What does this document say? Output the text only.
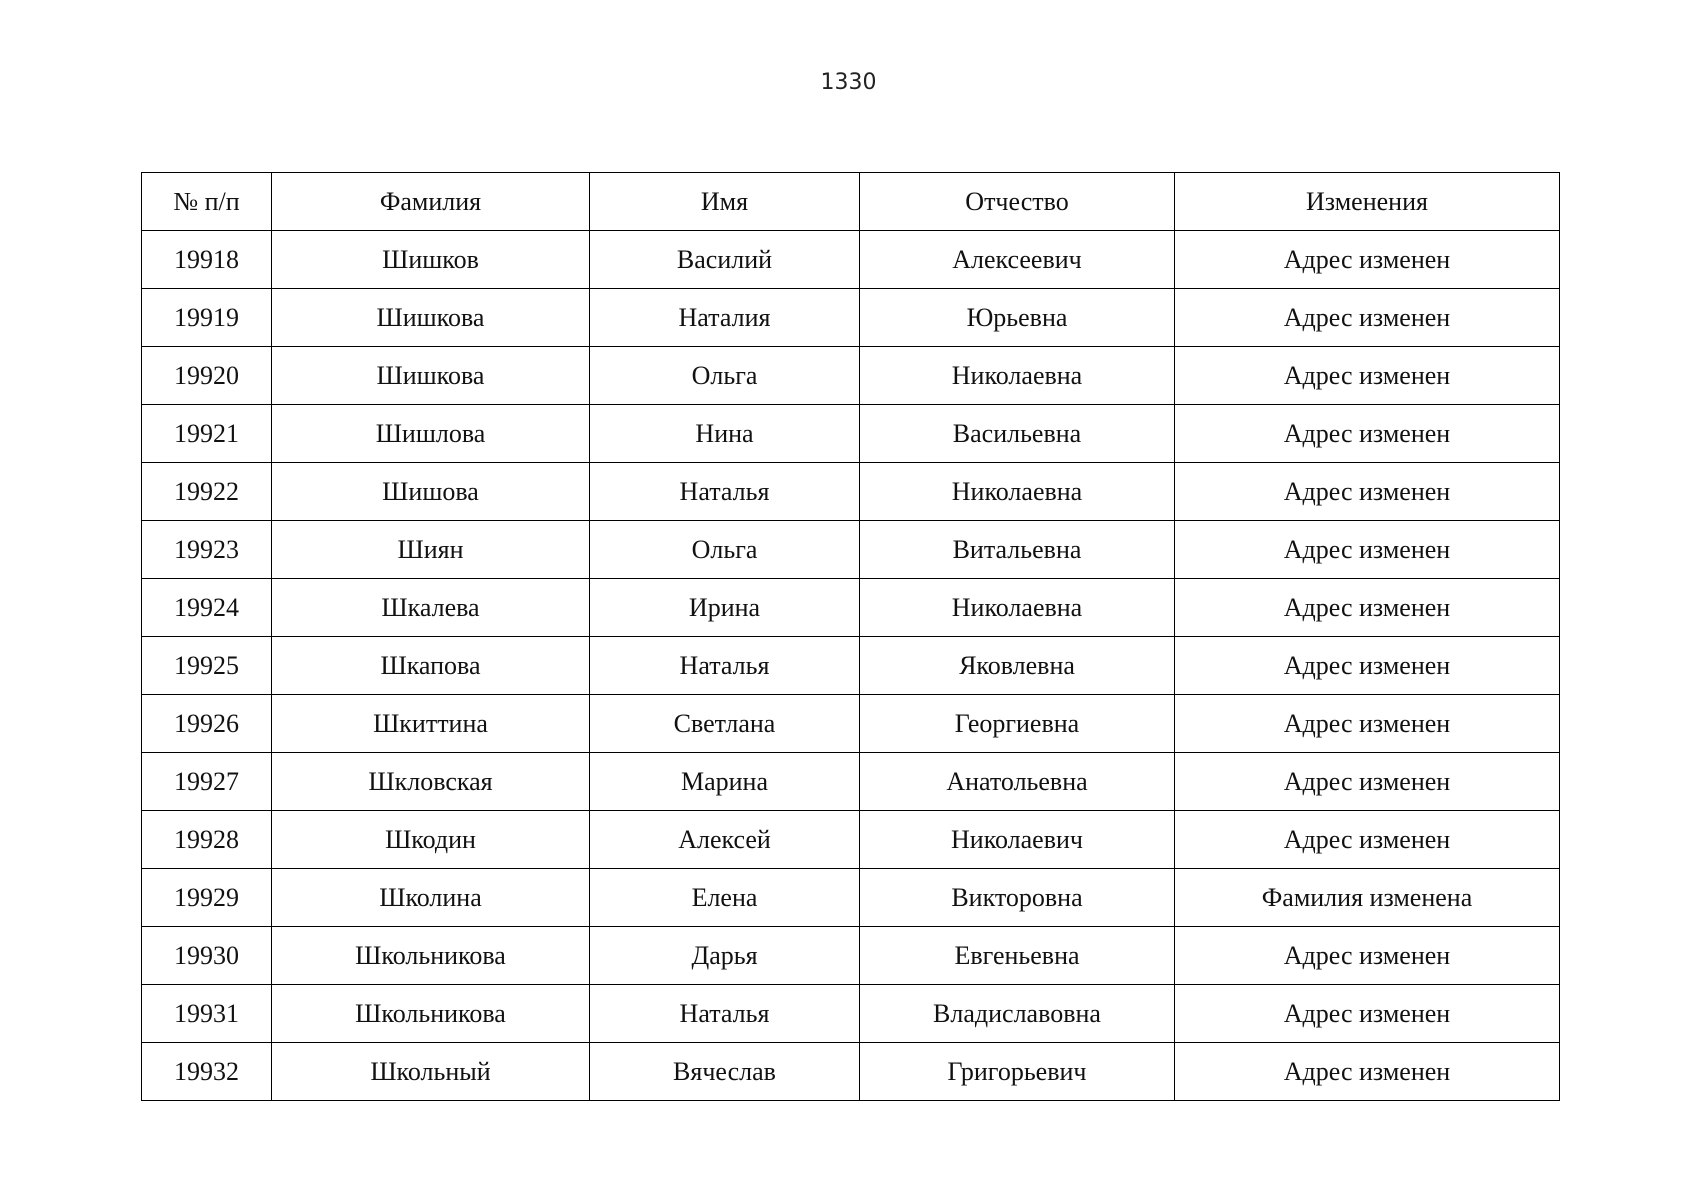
1330
№ п/п	Фамилия	Имя	Отчество	Изменения
19918	Шишков	Василий	Алексеевич	Адрес изменен
19919	Шишкова	Наталия	Юрьевна	Адрес изменен
19920	Шишкова	Ольга	Николаевна	Адрес изменен
19921	Шишлова	Нина	Васильевна	Адрес изменен
19922	Шишова	Наталья	Николаевна	Адрес изменен
19923	Шиян	Ольга	Витальевна	Адрес изменен
19924	Шкалева	Ирина	Николаевна	Адрес изменен
19925	Шкапова	Наталья	Яковлевна	Адрес изменен
19926	Шкиттина	Светлана	Георгиевна	Адрес изменен
19927	Шкловская	Марина	Анатольевна	Адрес изменен
19928	Шкодин	Алексей	Николаевич	Адрес изменен
19929	Школина	Елена	Викторовна	Фамилия изменена
19930	Школьникова	Дарья	Евгеньевна	Адрес изменен
19931	Школьникова	Наталья	Владиславовна	Адрес изменен
19932	Школьный	Вячеслав	Григорьевич	Адрес изменен
